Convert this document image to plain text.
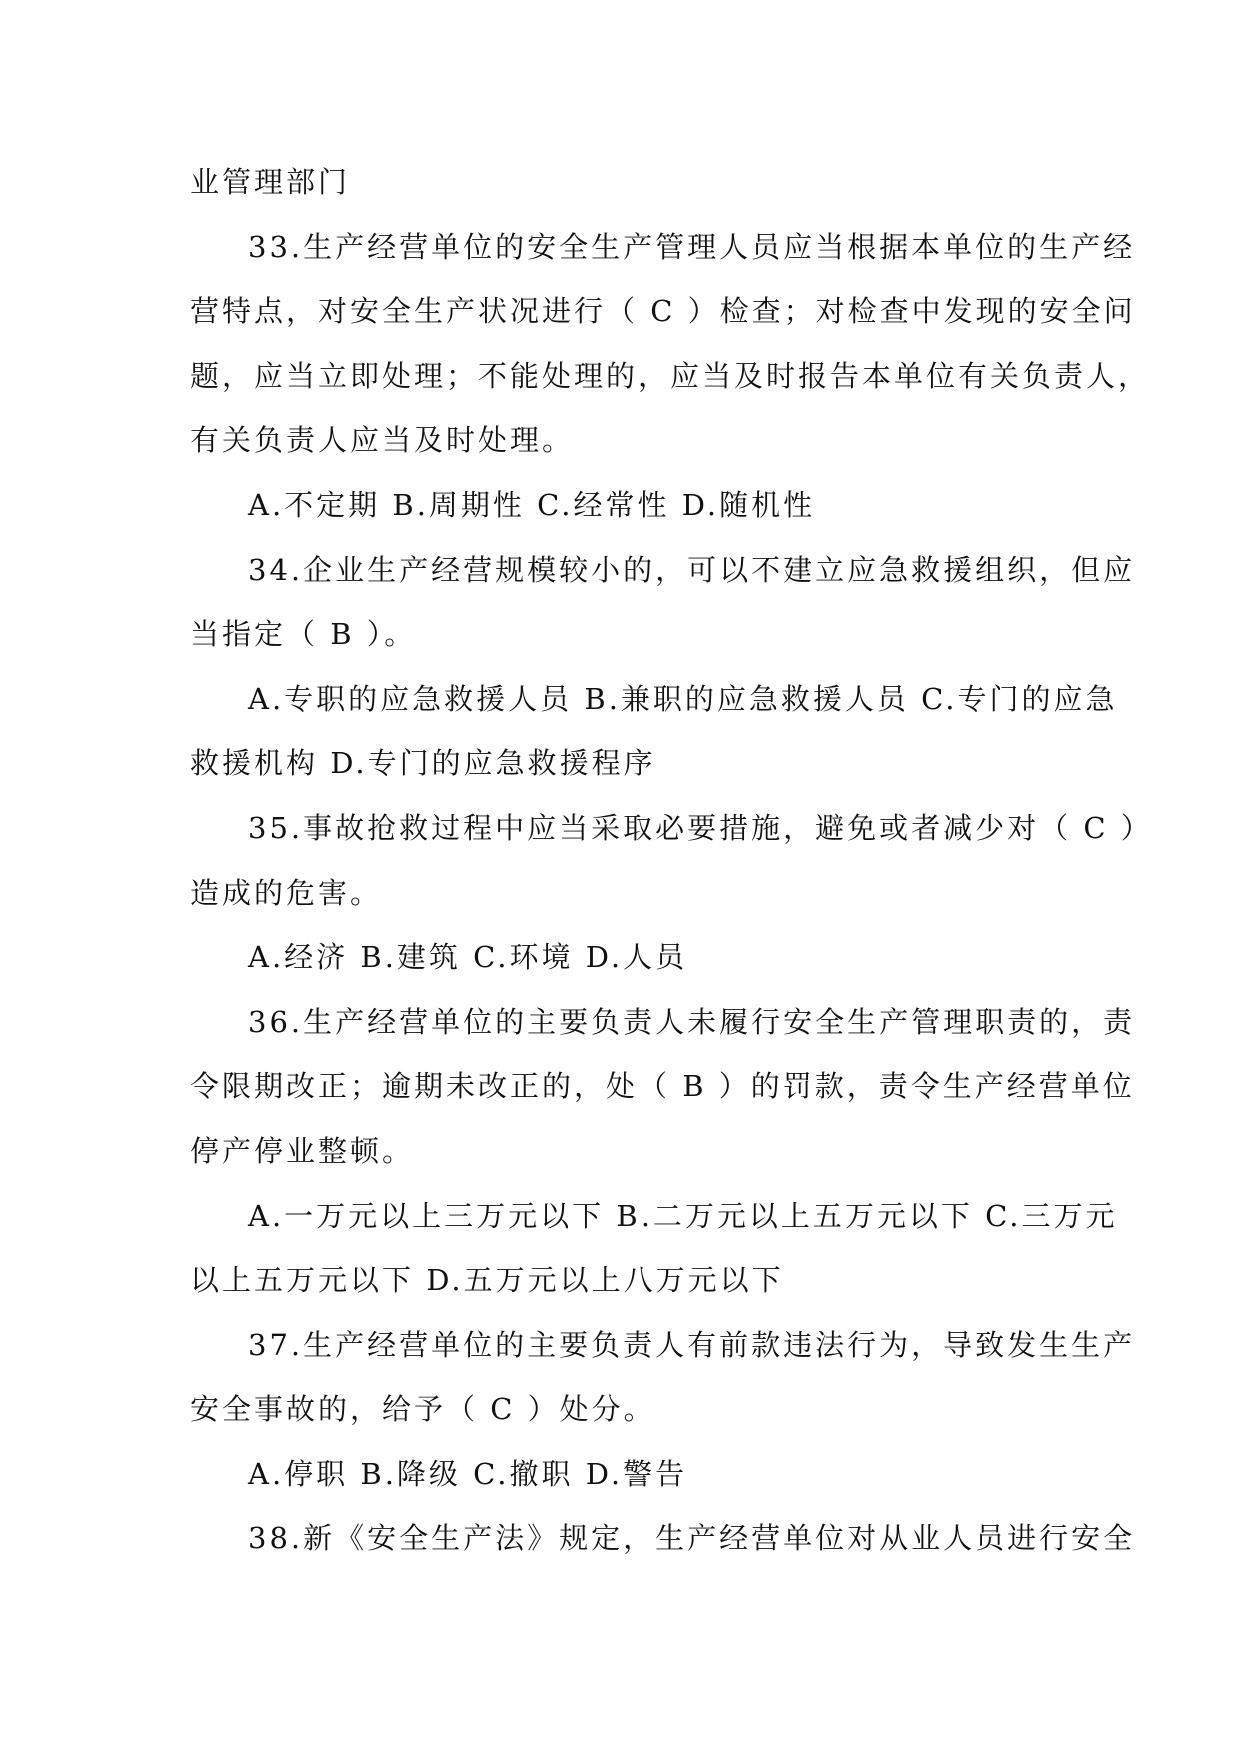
业管理部门
33.生产经营单位的安全生产管理人员应当根据本单位的生产经
营特点，对安全生产状况进行（ C ）检查；对检查中发现的安全问
题，应当立即处理；不能处理的，应当及时报告本单位有关负责人，
有关负责人应当及时处理。
A.不定期 B.周期性 C.经常性 D.随机性
34.企业生产经营规模较小的，可以不建立应急救援组织，但应
当指定（ B ）。
A.专职的应急救援人员 B.兼职的应急救援人员 C.专门的应急
救援机构 D.专门的应急救援程序
35.事故抢救过程中应当采取必要措施，避免或者减少对（ C ）
造成的危害。
A.经济 B.建筑 C.环境 D.人员
36.生产经营单位的主要负责人未履行安全生产管理职责的，责
令限期改正；逾期未改正的，处（ B ）的罚款，责令生产经营单位
停产停业整顿。
A.一万元以上三万元以下 B.二万元以上五万元以下 C.三万元
以上五万元以下 D.五万元以上八万元以下
37.生产经营单位的主要负责人有前款违法行为，导致发生生产
安全事故的，给予（ C ）处分。
A.停职 B.降级 C.撤职 D.警告
38.新《安全生产法》规定，生产经营单位对从业人员进行安全
